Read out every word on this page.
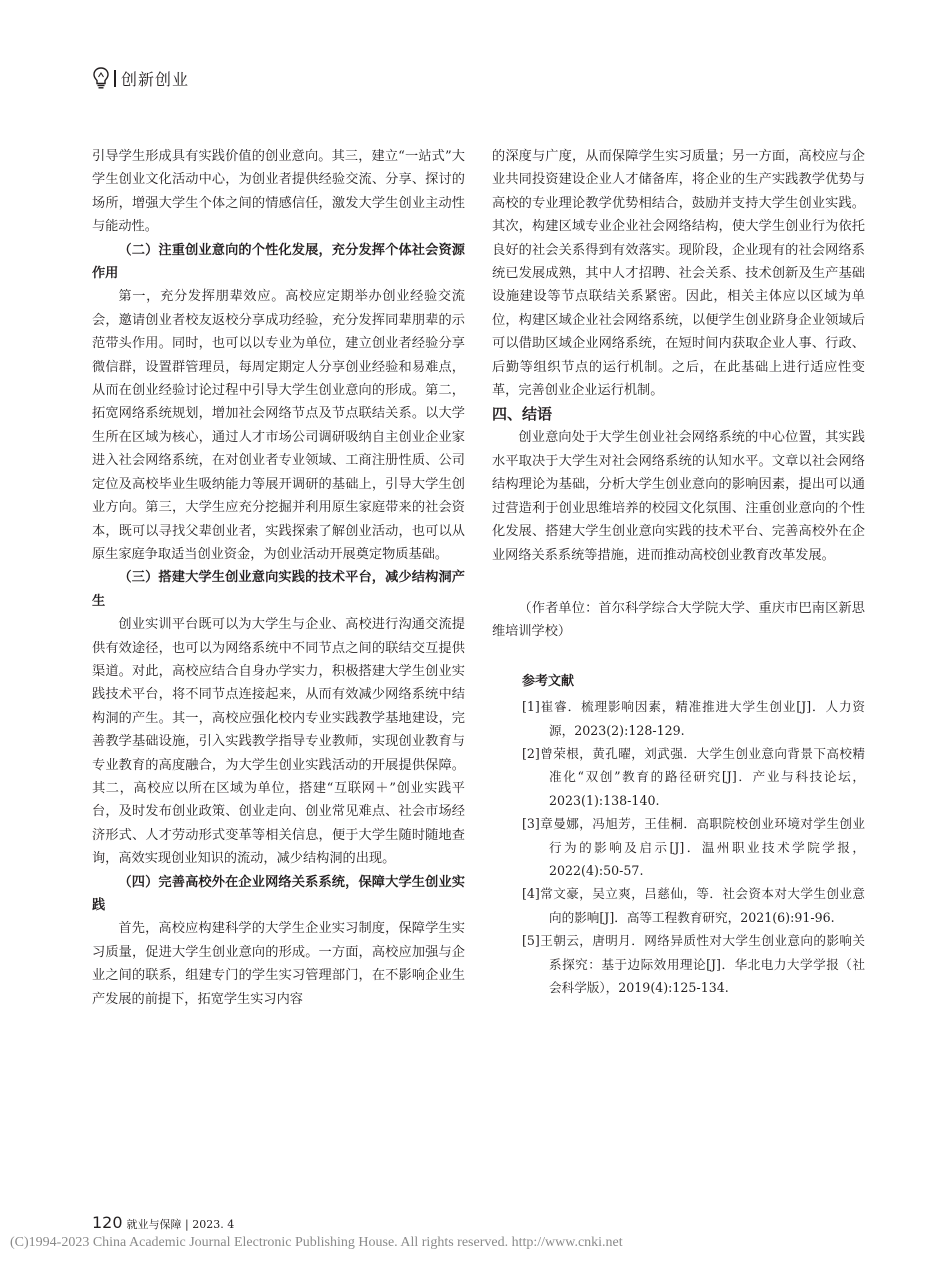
创新创业

引导学生形成具有实践价值的创业意向。其三，建立“一站式”大学生创业文化活动中心，为创业者提供经验交流、分享、探讨的场所，增强大学生个体之间的情感信任，激发大学生创业主动性与能动性。

（二）注重创业意向的个性化发展，充分发挥个体社会资源作用

第一，充分发挥朋辈效应。高校应定期举办创业经验交流会，邀请创业者校友返校分享成功经验，充分发挥同辈朋辈的示范带头作用。同时，也可以以专业为单位，建立创业者经验分享微信群，设置群管理员，每周定期定人分享创业经验和易难点，从而在创业经验讨论过程中引导大学生创业意向的形成。第二，拓宽网络系统规划，增加社会网络节点及节点联结关系。以大学生所在区域为核心，通过人才市场公司调研吸纳自主创业企业家进入社会网络系统，在对创业者专业领域、工商注册性质、公司定位及高校毕业生吸纳能力等展开调研的基础上，引导大学生创业方向。第三，大学生应充分挖掘并利用原生家庭带来的社会资本，既可以寻找父辈创业者，实践探索了解创业活动，也可以从原生家庭争取适当创业资金，为创业活动开展奠定物质基础。

（三）搭建大学生创业意向实践的技术平台，减少结构洞产生

创业实训平台既可以为大学生与企业、高校进行沟通交流提供有效途径，也可以为网络系统中不同节点之间的联结交互提供渠道。对此，高校应结合自身办学实力，积极搭建大学生创业实践技术平台，将不同节点连接起来，从而有效减少网络系统中结构洞的产生。其一，高校应强化校内专业实践教学基地建设，完善教学基础设施，引入实践教学指导专业教师，实现创业教育与专业教育的高度融合，为大学生创业实践活动的开展提供保障。其二，高校应以所在区域为单位，搭建“互联网＋”创业实践平台，及时发布创业政策、创业走向、创业常见难点、社会市场经济形式、人才劳动形式变革等相关信息，便于大学生随时随地查询，高效实现创业知识的流动，减少结构洞的出现。

（四）完善高校外在企业网络关系系统，保障大学生创业实践

首先，高校应构建科学的大学生企业实习制度，保障学生实习质量，促进大学生创业意向的形成。一方面，高校应加强与企业之间的联系，组建专门的学生实习管理部门，在不影响企业生产发展的前提下，拓宽学生实习内容

的深度与广度，从而保障学生实习质量；另一方面，高校应与企业共同投资建设企业人才储备库，将企业的生产实践教学优势与高校的专业理论教学优势相结合，鼓励并支持大学生创业实践。其次，构建区域专业企业社会网络结构，使大学生创业行为依托良好的社会关系得到有效落实。现阶段，企业现有的社会网络系统已发展成熟，其中人才招聘、社会关系、技术创新及生产基础设施建设等节点联结关系紧密。因此，相关主体应以区域为单位，构建区域企业社会网络系统，以便学生创业跻身企业领域后可以借助区域企业网络系统，在短时间内获取企业人事、行政、后勤等组织节点的运行机制。之后，在此基础上进行适应性变革，完善创业企业运行机制。

四、结语

创业意向处于大学生创业社会网络系统的中心位置，其实践水平取决于大学生对社会网络系统的认知水平。文章以社会网络结构理论为基础，分析大学生创业意向的影响因素，提出可以通过营造利于创业思维培养的校园文化氛围、注重创业意向的个性化发展、搭建大学生创业意向实践的技术平台、完善高校外在企业网络关系系统等措施，进而推动高校创业教育改革发展。

（作者单位：首尔科学综合大学院大学、重庆市巴南区新思维培训学校）

参考文献

[1]崔睿．梳理影响因素，精准推进大学生创业[J]．人力资源，2023(2):128-129.
[2]曾荣根，黄孔曜，刘武强．大学生创业意向背景下高校精准化“双创”教育的路径研究[J]．产业与科技论坛，2023(1):138-140.
[3]章曼娜，冯旭芳，王佳桐．高职院校创业环境对学生创业行为的影响及启示[J]．温州职业技术学院学报，2022(4):50-57.
[4]常文豪，吴立爽，吕慈仙，等．社会资本对大学生创业意向的影响[J]．高等工程教育研究，2021(6):91-96.
[5]王朝云，唐明月．网络异质性对大学生创业意向的影响关系探究：基于边际效用理论[J]．华北电力大学学报（社会科学版），2019(4):125-134.
120 就业与保障 | 2023. 4
(C)1994-2023 China Academic Journal Electronic Publishing House. All rights reserved. http://www.cnki.net
